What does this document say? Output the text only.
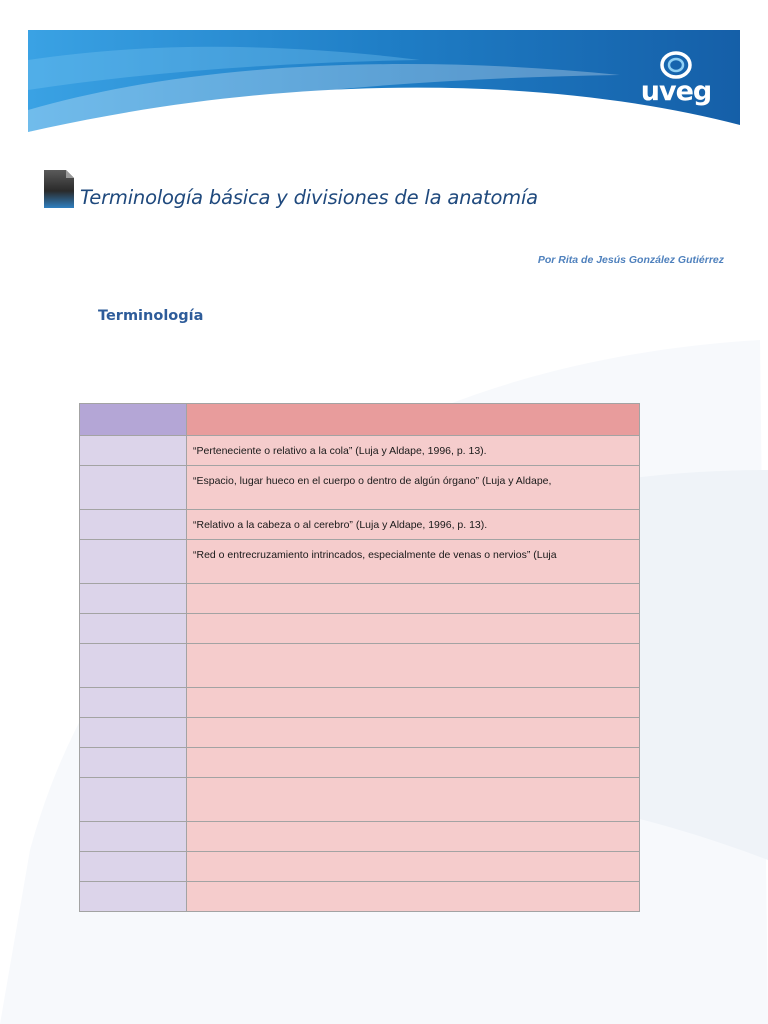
uveg
Terminología básica y divisiones de la anatomía
Por Rita de Jesús González Gutiérrez
Terminología

	“Perteneciente o relativo a la cola” (Luja y Aldape, 1996, p. 13).
	“Espacio, lugar hueco en el cuerpo o dentro de algún órgano” (Luja y Aldape,
	“Relativo a la cabeza o al cerebro” (Luja y Aldape, 1996, p. 13).
	“Red o entrecruzamiento intrincados, especialmente de venas o nervios” (Luja
